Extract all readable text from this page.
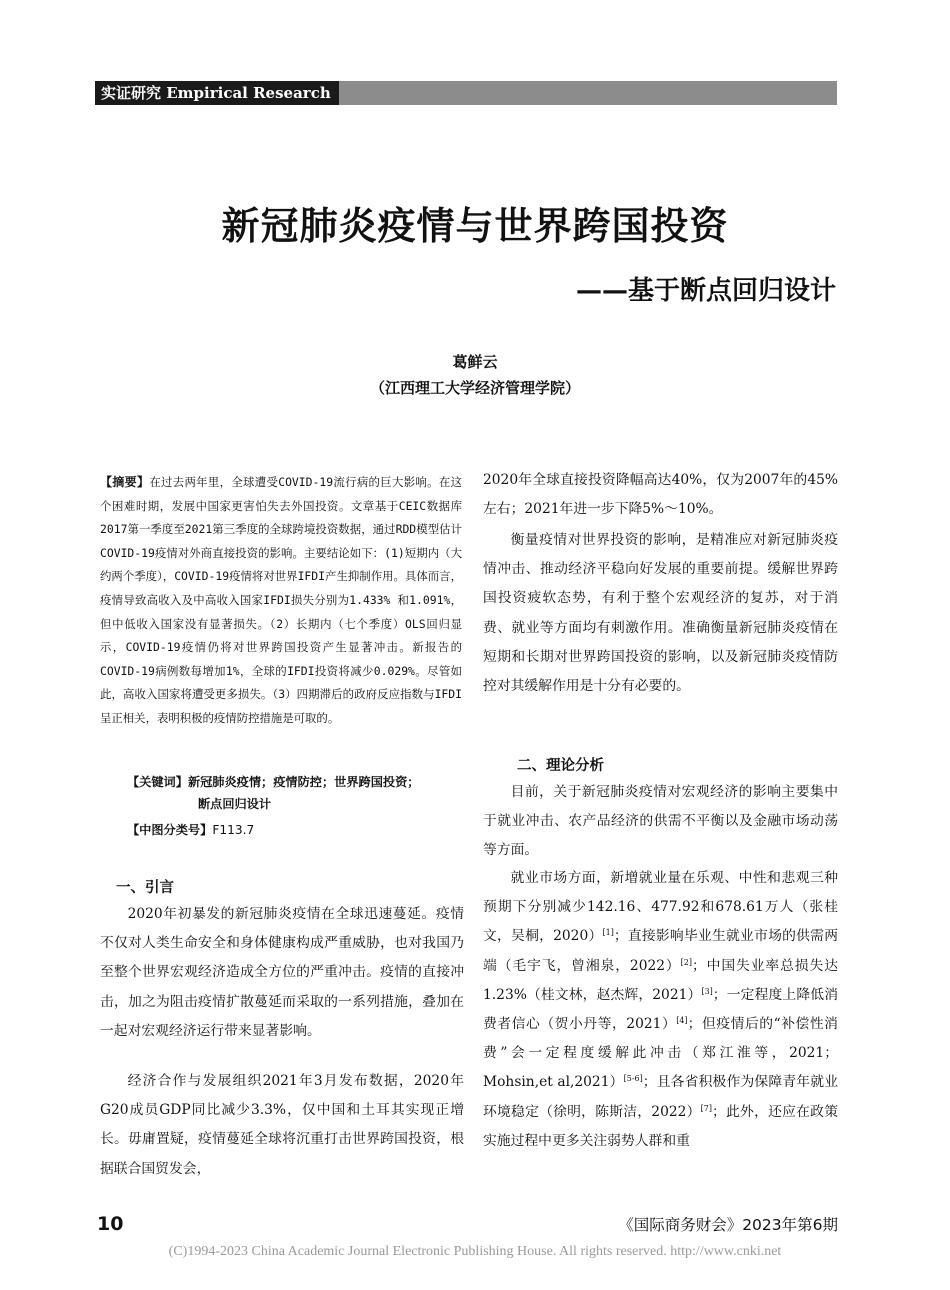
实证研究 Empirical Research
新冠肺炎疫情与世界跨国投资
——基于断点回归设计
葛鲜云
（江西理工大学经济管理学院）
【摘要】在过去两年里，全球遭受COVID-19流行病的巨大影响。在这个困难时期，发展中国家更害怕失去外国投资。文章基于CEIC数据库2017第一季度至2021第三季度的全球跨境投资数据，通过RDD模型估计COVID-19疫情对外商直接投资的影响。主要结论如下：(1)短期内（大约两个季度），COVID-19疫情将对世界IFDI产生抑制作用。具体而言，疫情导致高收入及中高收入国家IFDI损失分别为1.433% 和1.091%，但中低收入国家没有显著损失。（2）长期内（七个季度）OLS回归显示，COVID-19疫情仍将对世界跨国投资产生显著冲击。新报告的COVID-19病例数每增加1%，全球的IFDI投资将减少0.029%。尽管如此，高收入国家将遭受更多损失。（3）四期滞后的政府反应指数与IFDI呈正相关，表明积极的疫情防控措施是可取的。
【关键词】新冠肺炎疫情；疫情防控；世界跨国投资；
断点回归设计
【中图分类号】F113.7
一、引言

2020年初暴发的新冠肺炎疫情在全球迅速蔓延。疫情不仅对人类生命安全和身体健康构成严重威胁，也对我国乃至整个世界宏观经济造成全方位的严重冲击。疫情的直接冲击，加之为阻击疫情扩散蔓延而采取的一系列措施，叠加在一起对宏观经济运行带来显著影响。

经济合作与发展组织2021年3月发布数据，2020年G20成员GDP同比减少3.3%，仅中国和土耳其实现正增长。毋庸置疑，疫情蔓延全球将沉重打击世界跨国投资，根据联合国贸发会，

2020年全球直接投资降幅高达40%，仅为2007年的45%左右；2021年进一步下降5%～10%。

衡量疫情对世界投资的影响，是精准应对新冠肺炎疫情冲击、推动经济平稳向好发展的重要前提。缓解世界跨国投资疲软态势，有利于整个宏观经济的复苏，对于消费、就业等方面均有刺激作用。准确衡量新冠肺炎疫情在短期和长期对世界跨国投资的影响，以及新冠肺炎疫情防控对其缓解作用是十分有必要的。

二、理论分析

目前，关于新冠肺炎疫情对宏观经济的影响主要集中于就业冲击、农产品经济的供需不平衡以及金融市场动荡等方面。

就业市场方面，新增就业量在乐观、中性和悲观三种预期下分别减少142.16、477.92和678.61万人（张桂文，吴桐，2020）[1]；直接影响毕业生就业市场的供需两端（毛宇飞，曾湘泉，2022）[2]；中国失业率总损失达1.23%（桂文林，赵杰辉，2021）[3]；一定程度上降低消费者信心（贺小丹等，2021）[4]；但疫情后的“补偿性消费”会一定程度缓解此冲击（郑江淮等，2021；Mohsin,et al,2021）[5-6]；且各省积极作为保障青年就业环境稳定（徐明，陈斯洁，2022）[7]；此外，还应在政策实施过程中更多关注弱势人群和重

10	《国际商务财会》2023年第6期
(C)1994-2023 China Academic Journal Electronic Publishing House. All rights reserved. http://www.cnki.net
